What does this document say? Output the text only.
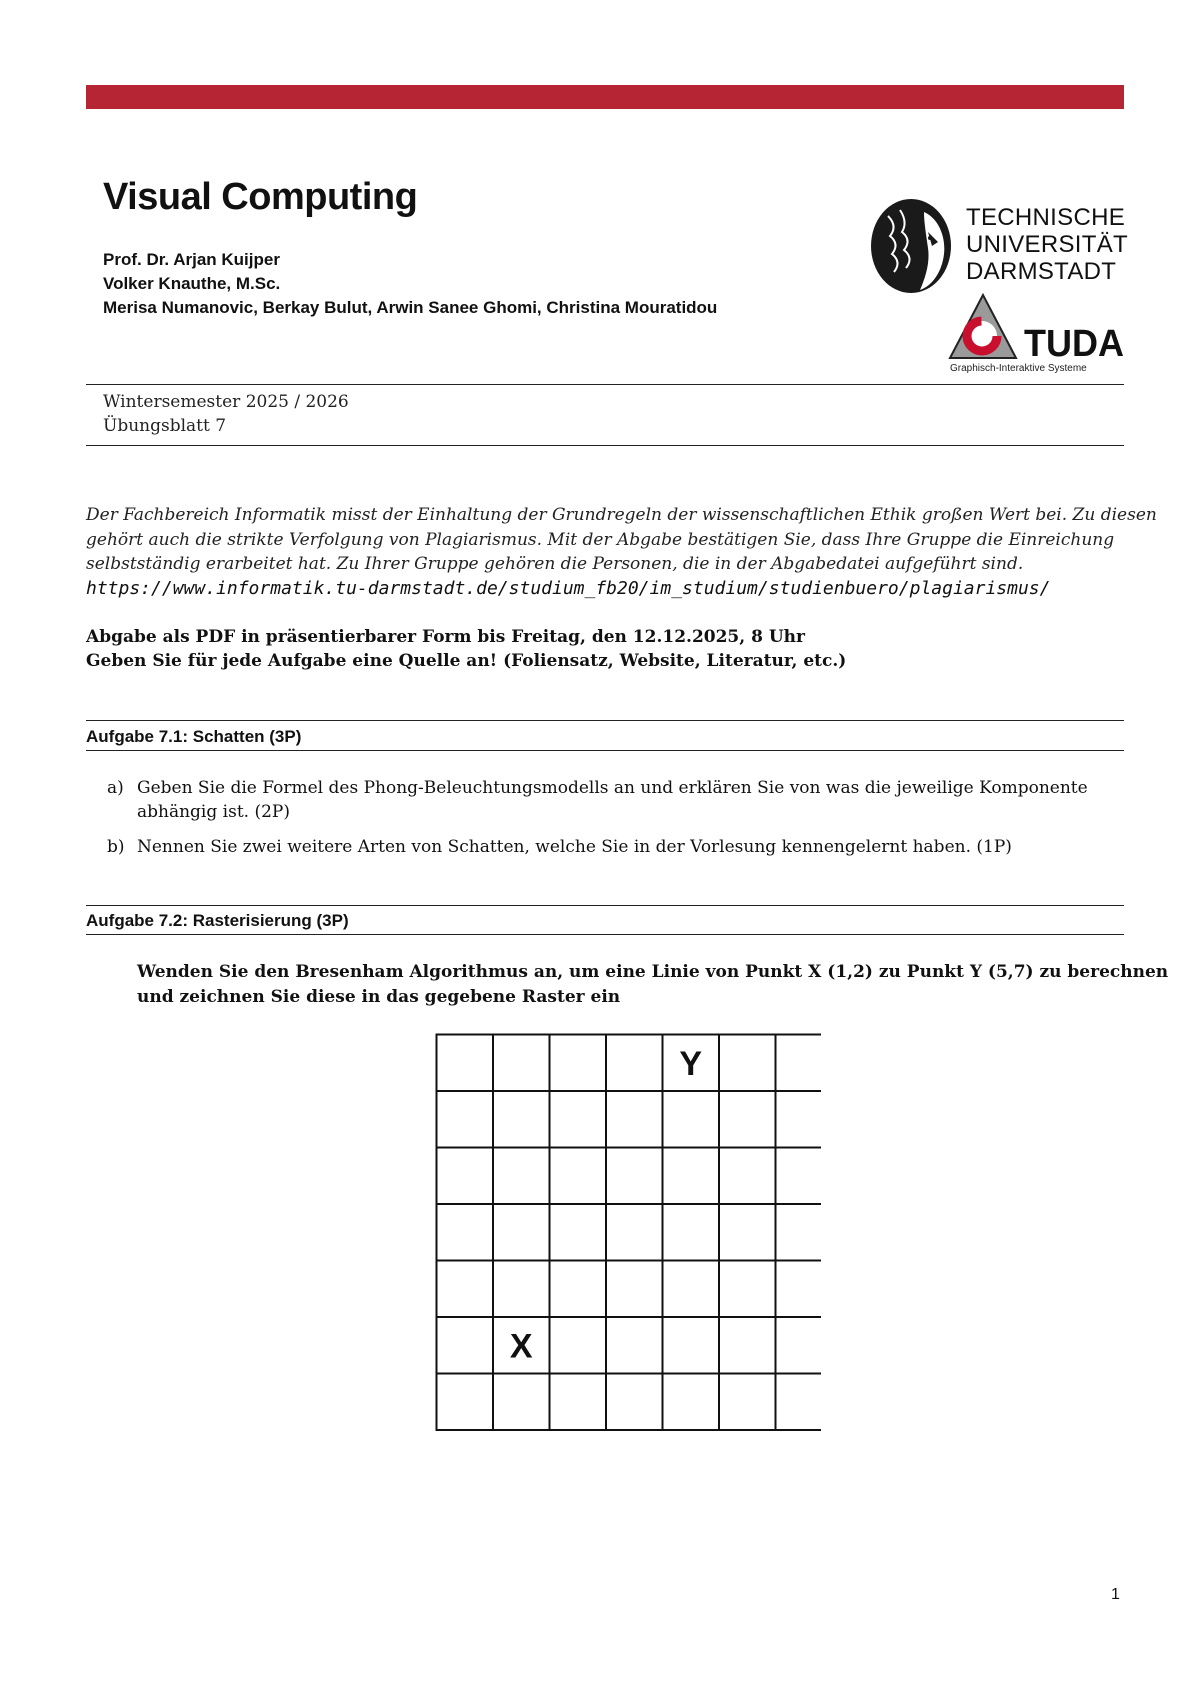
Visual Computing
Prof. Dr. Arjan Kuijper
Volker Knauthe, M.Sc.
Merisa Numanovic, Berkay Bulut, Arwin Sanee Ghomi, Christina Mouratidou
TECHNISCHE
UNIVERSITÄT
DARMSTADT
TUDA
Graphisch-Interaktive Systeme
Wintersemester 2025 / 2026
Übungsblatt 7
Der Fachbereich Informatik misst der Einhaltung der Grundregeln der wissenschaftlichen Ethik großen Wert bei. Zu diesen
gehört auch die strikte Verfolgung von Plagiarismus. Mit der Abgabe bestätigen Sie, dass Ihre Gruppe die Einreichung
selbstständig erarbeitet hat. Zu Ihrer Gruppe gehören die Personen, die in der Abgabedatei aufgeführt sind.
https://www.informatik.tu-darmstadt.de/studium_fb20/im_studium/studienbuero/plagiarismus/
Abgabe als PDF in präsentierbarer Form bis Freitag, den 12.12.2025, 8 Uhr
Geben Sie für jede Aufgabe eine Quelle an! (Foliensatz, Website, Literatur, etc.)
Aufgabe 7.1: Schatten (3P)
a) Geben Sie die Formel des Phong-Beleuchtungsmodells an und erklären Sie von was die jeweilige Komponente
abhängig ist. (2P)
b) Nennen Sie zwei weitere Arten von Schatten, welche Sie in der Vorlesung kennengelernt haben. (1P)
Aufgabe 7.2: Rasterisierung (3P)
Wenden Sie den Bresenham Algorithmus an, um eine Linie von Punkt X (1,2) zu Punkt Y (5,7) zu berechnen
und zeichnen Sie diese in das gegebene Raster ein
Y
X
1
